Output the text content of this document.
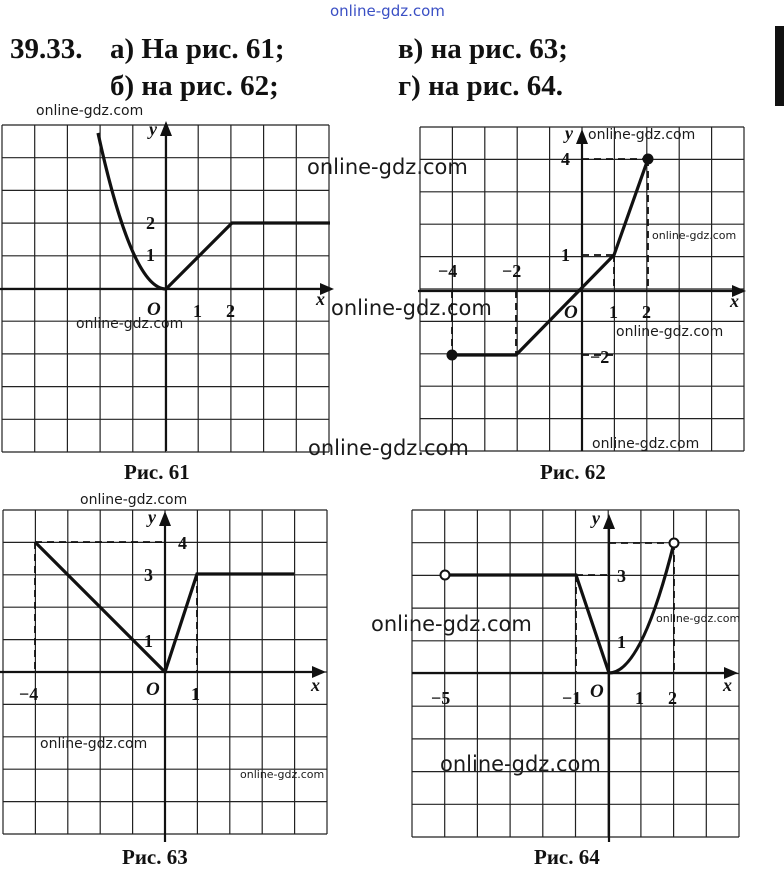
online-gdz.com
online-gdz.com
online-gdz.com
online-gdz.com
online-gdz.com
online-gdz.com
online-gdz.com
online-gdz.com
online-gdz.com
online-gdz.com
online-gdz.com
online-gdz.com	online-gdz.com
online-gdz.com
online-gdz.com	online-gdz.com
39.33. а) На рис. 61;
б) на рис. 62;
в) на рис. 63;
г) на рис. 64.
x
y
O 1 2
1
2
Рис. 61
x
y
O
−4 −2
1 2
4
1
−2
Рис. 62
x
y
O
−4	1
4
3
1
Рис. 63
x
y
O
−5	−1	1 2
3
1
Рис. 64
